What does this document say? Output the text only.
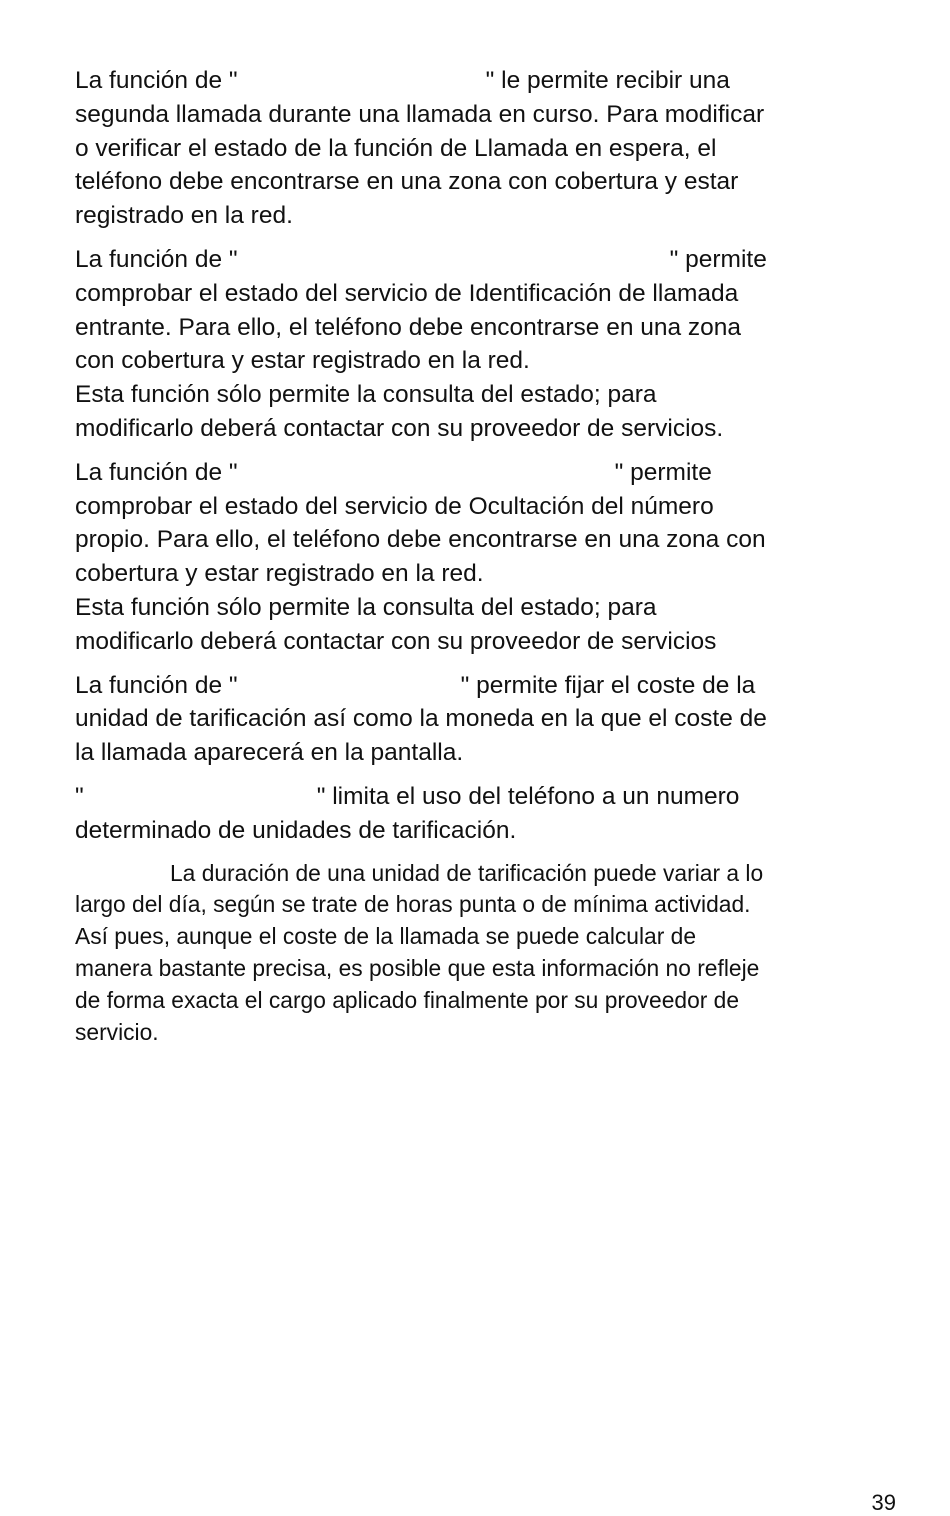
La función de "	" le permite recibir una
segunda llamada durante una llamada en curso. Para modificar
o verificar el estado de la función de Llamada en espera, el
teléfono debe encontrarse en una zona con cobertura y estar
registrado en la red.

La función de "	" permite
comprobar el estado del servicio de Identificación de llamada
entrante. Para ello, el teléfono debe encontrarse en una zona
con cobertura y estar registrado en la red.
Esta función sólo permite la consulta del estado; para
modificarlo deberá contactar con su proveedor de servicios.

La función de "	" permite
comprobar el estado del servicio de Ocultación del número
propio. Para ello, el teléfono debe encontrarse en una zona con
cobertura y estar registrado en la red.
Esta función sólo permite la consulta del estado; para
modificarlo deberá contactar con su proveedor de servicios

La función de "	" permite fijar el coste de la
unidad de tarificación así como la moneda en la que el coste de
la llamada aparecerá en la pantalla.

"	" limita el uso del teléfono a un numero
determinado de unidades de tarificación.

La duración de una unidad de tarificación puede variar a lo
largo del día, según se trate de horas punta o de mínima actividad.
Así pues, aunque el coste de la llamada se puede calcular de
manera bastante precisa, es posible que esta información no refleje
de forma exacta el cargo aplicado finalmente por su proveedor de
servicio.

39
